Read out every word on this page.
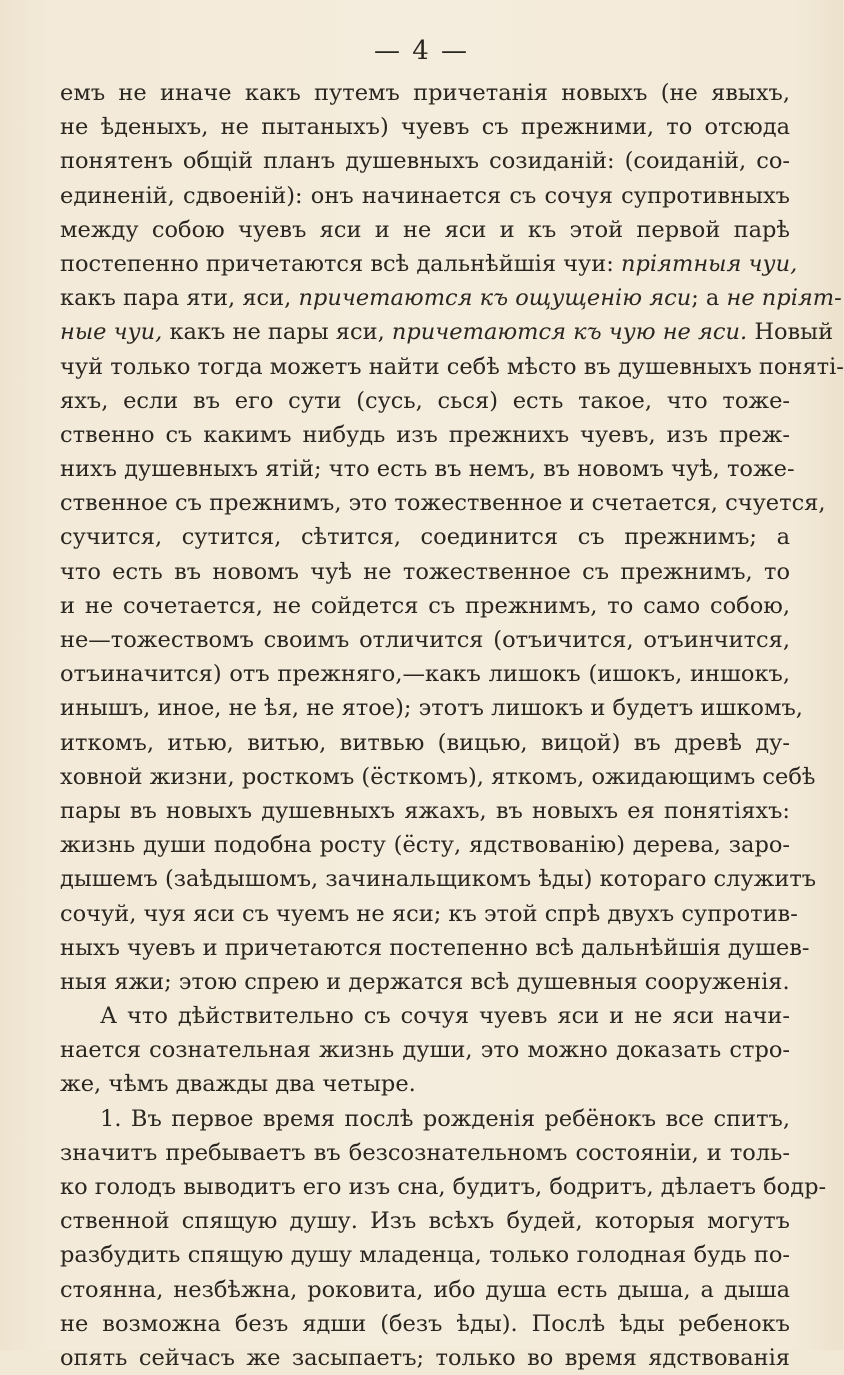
— 4 —
емъ не иначе какъ путемъ причетанія новыхъ (не явыхъ,
не ѣденыхъ, не пытаныхъ) чуевъ съ прежними, то отсюда
понятенъ общій планъ душевныхъ созиданій: (соиданій, со-
единеній, сдвоеній): онъ начинается съ сочуя супротивныхъ
между собою чуевъ яси и не яси и къ этой первой парѣ
постепенно причетаются всѣ дальнѣйшія чуи: пріятныя чуи,
какъ пара яти, яси, причетаются къ ощущенію яси; а не пріят-
ные чуи, какъ не пары яси, причетаются къ чую не яси. Новый
чуй только тогда можетъ найти себѣ мѣсто въ душевныхъ поняті-
яхъ, если въ его сути (сусь, сься) есть такое, что тоже-
ственно съ какимъ нибудь изъ прежнихъ чуевъ, изъ преж-
нихъ душевныхъ ятій; что есть въ немъ, въ новомъ чуѣ, тоже-
ственное съ прежнимъ, это тожественное и счетается, счуется,
сучится, сутится, сѣтится, соединится съ прежнимъ; а
что есть въ новомъ чуѣ не тожественное съ прежнимъ, то
и не сочетается, не сойдется съ прежнимъ, то само собою,
не—тожествомъ своимъ отличится (отъичится, отъинчится,
отъиначится) отъ прежняго,—какъ лишокъ (ишокъ, иншокъ,
инышъ, иное, не ѣя, не ятое); этотъ лишокъ и будетъ ишкомъ,
иткомъ, итью, витью, витвью (вицью, вицой) въ древѣ ду-
ховной жизни, росткомъ (ёсткомъ), яткомъ, ожидающимъ себѣ
пары въ новыхъ душевныхъ яжахъ, въ новыхъ ея понятіяхъ:
жизнь души подобна росту (ёсту, ядствованію) дерева, заро-
дышемъ (заѣдышомъ, зачинальщикомъ ѣды) котораго служитъ
сочуй, чуя яси съ чуемъ не яси; къ этой спрѣ двухъ супротив-
ныхъ чуевъ и причетаются постепенно всѣ дальнѣйшія душев-
ныя яжи; этою спрею и держатся всѣ душевныя сооруженія.
А что дѣйствительно съ сочуя чуевъ яси и не яси начи-
нается сознательная жизнь души, это можно доказать стро-
же, чѣмъ дважды два четыре.
1. Въ первое время послѣ рожденія ребёнокъ все спитъ,
значитъ пребываетъ въ безсознательномъ состояніи, и толь-
ко голодъ выводитъ его изъ сна, будитъ, бодритъ, дѣлаетъ бодр-
ственной спящую душу. Изъ всѣхъ будей, которыя могутъ
разбудить спящую душу младенца, только голодная будь по-
стоянна, незбѣжна, роковита, ибо душа есть дыша, а дыша
не возможна безъ ядши (безъ ѣды). Послѣ ѣды ребенокъ
опять сейчасъ же засыпаетъ; только во время ядствованія
